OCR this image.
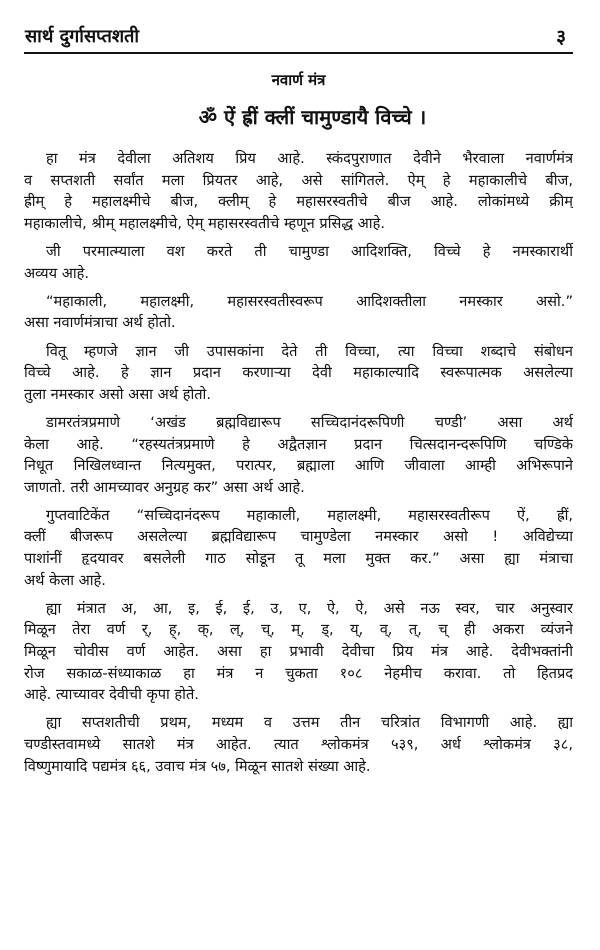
सार्थ दुर्गासप्तशती	३
नवार्ण मंत्र
ॐ ऐं ह्रीं क्लीं चामुण्डायै विच्चे ।
हा मंत्र देवीला अतिशय प्रिय आहे. स्कंदपुराणात देवीने भैरवाला नवार्णमंत्र
व सप्तशती सर्वांत मला प्रियतर आहे, असे सांगितले. ऐम् हे महाकालीचे बीज,
ह्रीम् हे महालक्ष्मीचे बीज, क्लीम् हे महासरस्वतीचे बीज आहे. लोकांमध्ये क्रीम्
महाकालीचे, श्रीम् महालक्ष्मीचे, ऐम् महासरस्वतीचे म्हणून प्रसिद्ध आहे.
जी परमात्म्याला वश करते ती चामुण्डा आदिशक्ति, विच्चे हे नमस्कारार्थी
अव्यय आहे.
“महाकाली, महालक्ष्मी, महासरस्वतीस्वरूप आदिशक्तीला नमस्कार असो.”
असा नवार्णमंत्राचा अर्थ होतो.
वितू म्हणजे ज्ञान जी उपासकांना देते ती विच्चा, त्या विच्चा शब्दाचे संबोधन
विच्चे आहे. हे ज्ञान प्रदान करणाऱ्या देवी महाकाल्यादि स्वरूपात्मक असलेल्या
तुला नमस्कार असो असा अर्थ होतो.
डामरतंत्रप्रमाणे ‘अखंड ब्रह्मविद्यारूप सच्चिदानंदरूपिणी चण्डी’ असा अर्थ
केला आहे. “रहस्यतंत्रप्रमाणे हे अद्वैतज्ञान प्रदान चित्सदानन्दरूपिणि चण्डिके
निधूत निखिलध्वान्त नित्यमुक्त, परात्पर, ब्रह्माला आणि जीवाला आम्ही अभिरूपाने
जाणतो. तरी आमच्यावर अनुग्रह कर” असा अर्थ आहे.
गुप्तवाटिकेंत “सच्चिदानंदरूप महाकाली, महालक्ष्मी, महासरस्वतीरूप ऐं, ह्रीं,
क्लीं बीजरूप असलेल्या ब्रह्मविद्यारूप चामुण्डेला नमस्कार असो ! अविद्येच्या
पाशांनीं हृदयावर बसलेली गाठ सोडून तू मला मुक्त कर.” असा ह्या मंत्राचा
अर्थ केला आहे.
ह्या मंत्रात अ, आ, इ, ई, ई, उ, ए, ऐ, ऐ, असे नऊ स्वर, चार अनुस्वार
मिळून तेरा वर्ण र्, ह्, क्, ल्, च्, म्, ड्, य्, व्, त्, च् ही अकरा व्यंजने
मिळून चोवीस वर्ण आहेत. असा हा प्रभावी देवीचा प्रिय मंत्र आहे. देवीभक्तांनी
रोज सकाळ-संध्याकाळ हा मंत्र न चुकता १०८ नेहमीच करावा. तो हितप्रद
आहे. त्याच्यावर देवीची कृपा होते.
ह्या सप्तशतीची प्रथम, मध्यम व उत्तम तीन चरित्रांत विभागणी आहे. ह्या
चण्डीस्तवामध्ये सातशे मंत्र आहेत. त्यात श्लोकमंत्र ५३९, अर्ध श्लोकमंत्र ३८,
विष्णुमायादि पद्यमंत्र ६६, उवाच मंत्र ५७, मिळून सातशे संख्या आहे.
